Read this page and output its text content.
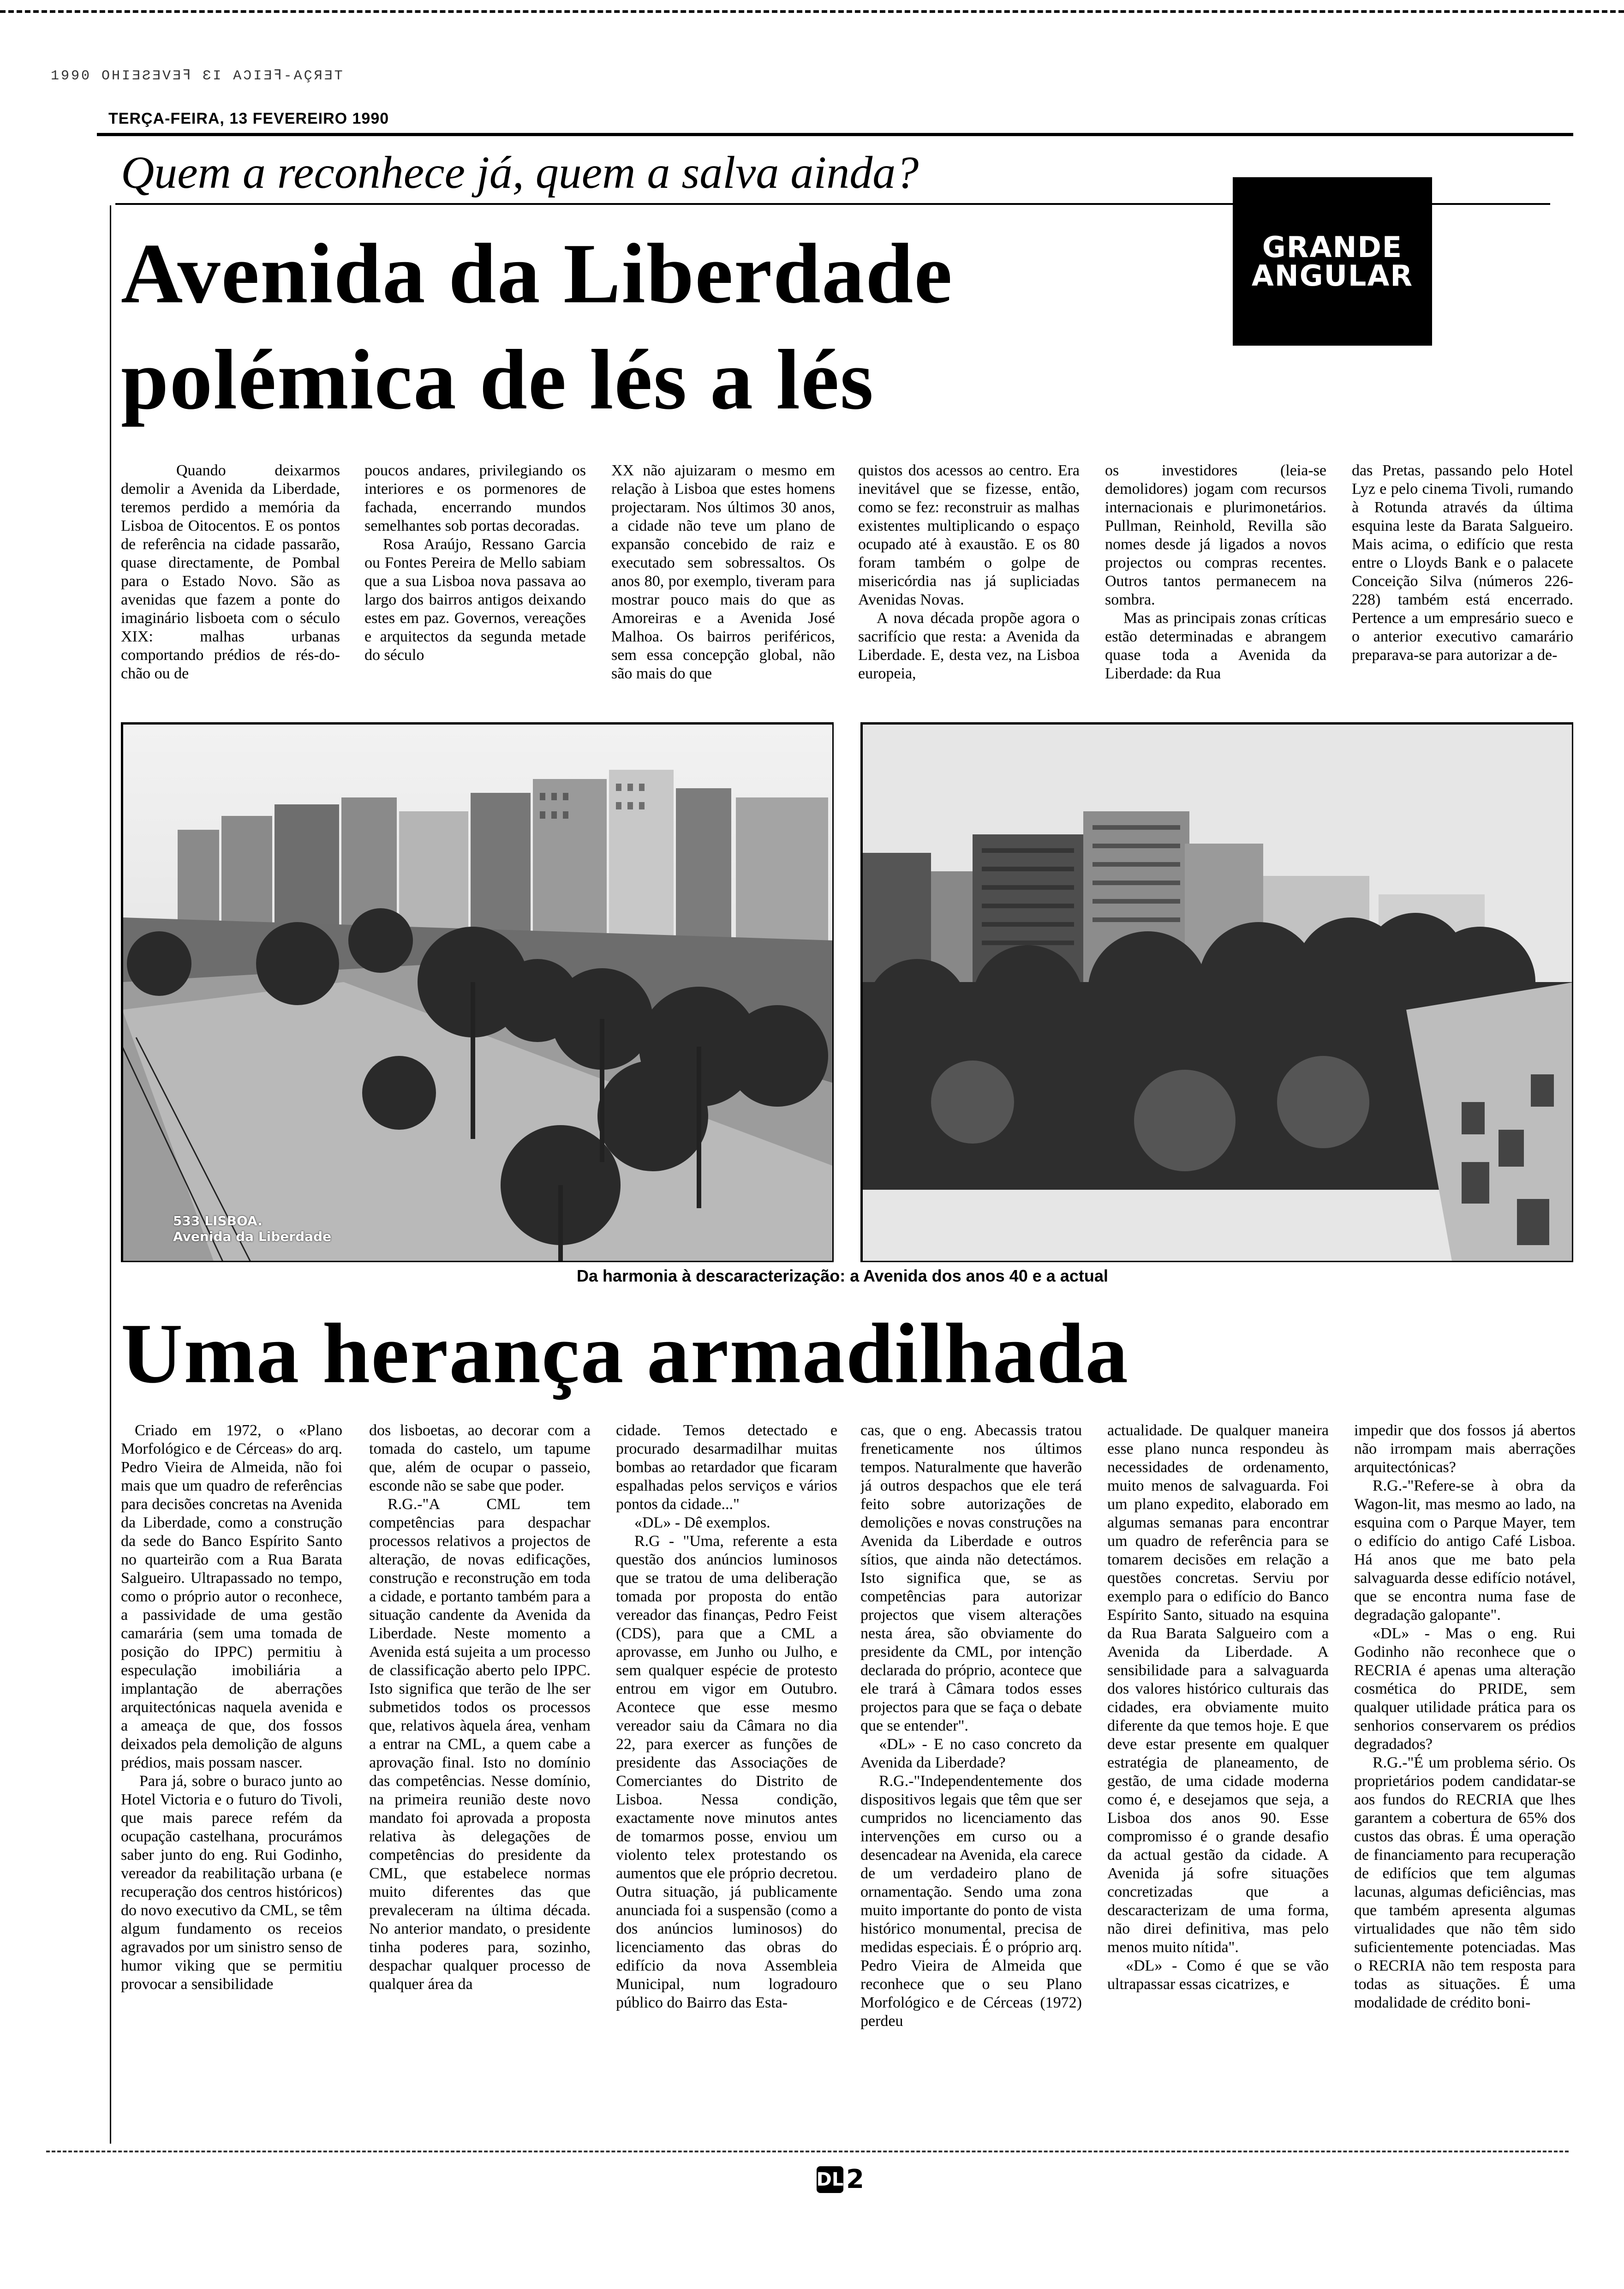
1990 OHIƎƧƎVƎꟻ ƐI AƆIƎꟻ-AÇЯƎT
TERÇA-FEIRA, 13 FEVEREIRO 1990
Quem a reconhece já, quem a salva ainda?
Avenida da Liberdade
polémica de lés a lés
GRANDE
ANGULAR

Quando deixarmos demolir a Avenida da Liberdade, teremos perdido a memória da Lisboa de Oitocentos. E os pontos de referência na cidade passarão, quase directamente, de Pombal para o Estado Novo. São as avenidas que fazem a ponte do imaginário lisboeta com o século XIX: malhas urbanas comportando prédios de rés-do-chão ou de

poucos andares, privilegiando os interiores e os pormenores de fachada, encerrando mundos semelhantes sob portas decoradas.

Rosa Araújo, Ressano Garcia ou Fontes Pereira de Mello sabiam que a sua Lisboa nova passava ao largo dos bairros antigos deixando estes em paz. Governos, vereações e arquitectos da segunda metade do século

XX não ajuizaram o mesmo em relação à Lisboa que estes homens projectaram. Nos últimos 30 anos, a cidade não teve um plano de expansão concebido de raiz e executado sem sobressaltos. Os anos 80, por exemplo, tiveram para mostrar pouco mais do que as Amoreiras e a Avenida José Malhoa. Os bairros periféricos, sem essa concepção global, não são mais do que

quistos dos acessos ao centro. Era inevitável que se fizesse, então, como se fez: reconstruir as malhas existentes multiplicando o espaço ocupado até à exaustão. E os 80 foram também o golpe de misericórdia nas já supliciadas Avenidas Novas.

A nova década propõe agora o sacrifício que resta: a Avenida da Liberdade. E, desta vez, na Lisboa europeia,

os investidores (leia-se demolidores) jogam com recursos internacionais e plurimonetários. Pullman, Reinhold, Revilla são nomes desde já ligados a novos projectos ou compras recentes. Outros tantos permanecem na sombra.

Mas as principais zonas críticas estão determinadas e abrangem quase toda a Avenida da Liberdade: da Rua

das Pretas, passando pelo Hotel Lyz e pelo cinema Tivoli, rumando à Rotunda através da última esquina leste da Barata Salgueiro. Mais acima, o edifício que resta entre o Lloyds Bank e o palacete Conceição Silva (números 226-228) também está encerrado. Pertence a um empresário sueco e o anterior executivo camarário preparava-se para autorizar a de-

533 LISBOA.
Avenida da Liberdade
Da harmonia à descaracterização: a Avenida dos anos 40 e a actual
Uma herança armadilhada

Criado em 1972, o «Plano Morfológico e de Cérceas» do arq. Pedro Vieira de Almeida, não foi mais que um quadro de referências para decisões concretas na Avenida da Liberdade, como a construção da sede do Banco Espírito Santo no quarteirão com a Rua Barata Salgueiro. Ultrapassado no tempo, como o próprio autor o reconhece, a passividade de uma gestão camarária (sem uma tomada de posição do IPPC) permitiu à especulação imobiliária a implantação de aberrações arquitectónicas naquela avenida e a ameaça de que, dos fossos deixados pela demolição de alguns prédios, mais possam nascer.

Para já, sobre o buraco junto ao Hotel Victoria e o futuro do Tivoli, que mais parece refém da ocupação castelhana, procurámos saber junto do eng. Rui Godinho, vereador da reabilitação urbana (e recuperação dos centros históricos) do novo executivo da CML, se têm algum fundamento os receios agravados por um sinistro senso de humor viking que se permitiu provocar a sensibilidade

dos lisboetas, ao decorar com a tomada do castelo, um tapume que, além de ocupar o passeio, esconde não se sabe que poder.

R.G.-"A CML tem competências para despachar processos relativos a projectos de alteração, de novas edificações, construção e reconstrução em toda a cidade, e portanto também para a situação candente da Avenida da Liberdade. Neste momento a Avenida está sujeita a um processo de classificação aberto pelo IPPC. Isto significa que terão de lhe ser submetidos todos os processos que, relativos àquela área, venham a entrar na CML, a quem cabe a aprovação final. Isto no domínio das competências. Nesse domínio, na primeira reunião deste novo mandato foi aprovada a proposta relativa às delegações de competências do presidente da CML, que estabelece normas muito diferentes das que prevaleceram na última década. No anterior mandato, o presidente tinha poderes para, sozinho, despachar qualquer processo de qualquer área da

cidade. Temos detectado e procurado desarmadilhar muitas bombas ao retardador que ficaram espalhadas pelos serviços e vários pontos da cidade..."

«DL» - Dê exemplos.

R.G - "Uma, referente a esta questão dos anúncios luminosos que se tratou de uma deliberação tomada por proposta do então vereador das finanças, Pedro Feist (CDS), para que a CML a aprovasse, em Junho ou Julho, e sem qualquer espécie de protesto entrou em vigor em Outubro. Acontece que esse mesmo vereador saiu da Câmara no dia 22, para exercer as funções de presidente das Associações de Comerciantes do Distrito de Lisboa. Nessa condição, exactamente nove minutos antes de tomarmos posse, enviou um violento telex protestando os aumentos que ele próprio decretou. Outra situação, já publicamente anunciada foi a suspensão (como a dos anúncios luminosos) do licenciamento das obras do edifício da nova Assembleia Municipal, num logradouro público do Bairro das Esta-

cas, que o eng. Abecassis tratou freneticamente nos últimos tempos. Naturalmente que haverão já outros despachos que ele terá feito sobre autorizações de demolições e novas construções na Avenida da Liberdade e outros sítios, que ainda não detectámos. Isto significa que, se as competências para autorizar projectos que visem alterações nesta área, são obviamente do presidente da CML, por intenção declarada do próprio, acontece que ele trará à Câmara todos esses projectos para que se faça o debate que se entender".

«DL» - E no caso concreto da Avenida da Liberdade?

R.G.-"Independentemente dos dispositivos legais que têm que ser cumpridos no licenciamento das intervenções em curso ou a desencadear na Avenida, ela carece de um verdadeiro plano de ornamentação. Sendo uma zona muito importante do ponto de vista histórico monumental, precisa de medidas especiais. É o próprio arq. Pedro Vieira de Almeida que reconhece que o seu Plano Morfológico e de Cérceas (1972) perdeu

actualidade. De qualquer maneira esse plano nunca respondeu às necessidades de ordenamento, muito menos de salvaguarda. Foi um plano expedito, elaborado em algumas semanas para encontrar um quadro de referência para se tomarem decisões em relação a questões concretas. Serviu por exemplo para o edifício do Banco Espírito Santo, situado na esquina da Rua Barata Salgueiro com a Avenida da Liberdade. A sensibilidade para a salvaguarda dos valores histórico culturais das cidades, era obviamente muito diferente da que temos hoje. E que deve estar presente em qualquer estratégia de planeamento, de gestão, de uma cidade moderna como é, e desejamos que seja, a Lisboa dos anos 90. Esse compromisso é o grande desafio da actual gestão da cidade. A Avenida já sofre situações concretizadas que a descaracterizam de uma forma, não direi definitiva, mas pelo menos muito nítida".

«DL» - Como é que se vão ultrapassar essas cicatrizes, e

impedir que dos fossos já abertos não irrompam mais aberrações arquitectónicas?

R.G.-"Refere-se à obra da Wagon-lit, mas mesmo ao lado, na esquina com o Parque Mayer, tem o edifício do antigo Café Lisboa. Há anos que me bato pela salvaguarda desse edifício notável, que se encontra numa fase de degradação galopante".

«DL» - Mas o eng. Rui Godinho não reconhece que o RECRIA é apenas uma alteração cosmética do PRIDE, sem qualquer utilidade prática para os senhorios conservarem os prédios degradados?

R.G.-"É um problema sério. Os proprietários podem candidatar-se aos fundos do RECRIA que lhes garantem a cobertura de 65% dos custos das obras. É uma operação de financiamento para recuperação de edifícios que tem algumas lacunas, algumas deficiências, mas que também apresenta algumas virtualidades que não têm sido suficientemente potenciadas. Mas o RECRIA não tem resposta para todas as situações. É uma modalidade de crédito boni-

DL 2
